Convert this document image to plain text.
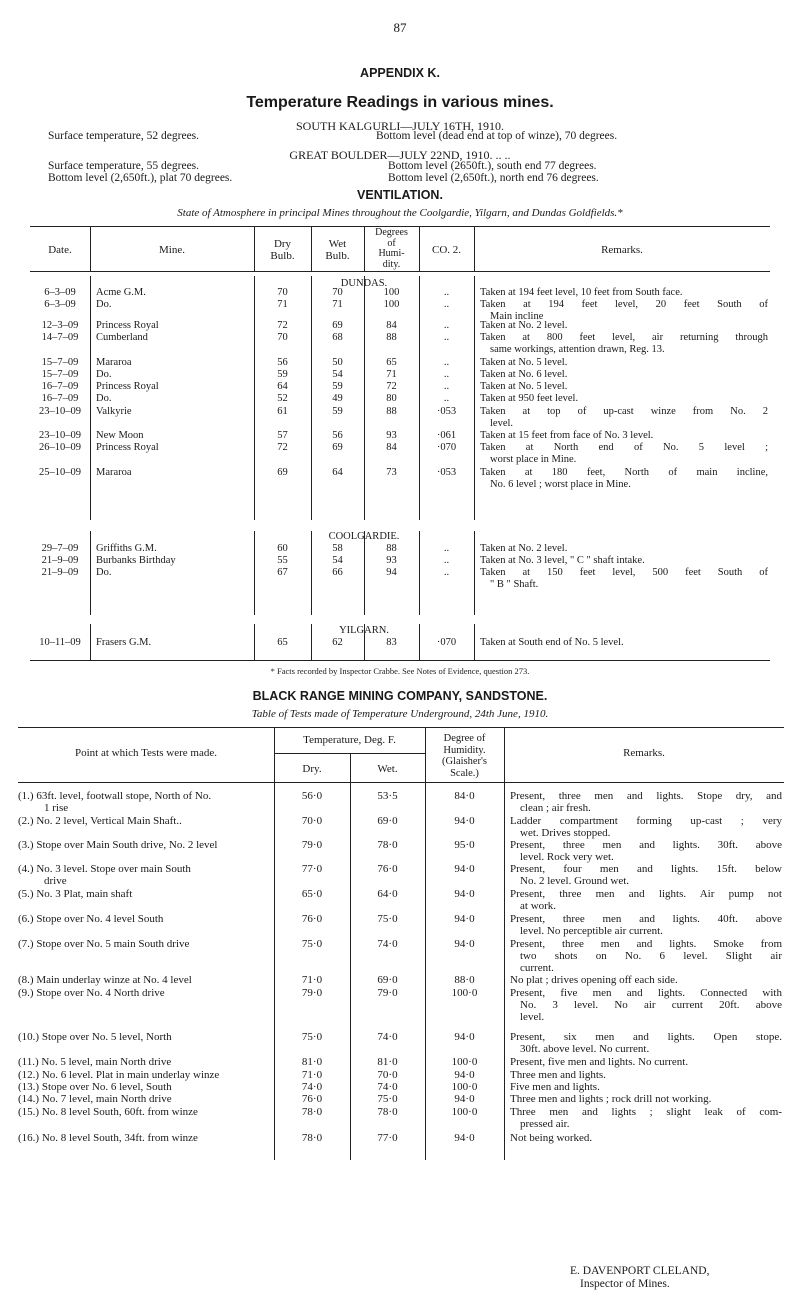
87
APPENDIX K.
Temperature Readings in various mines.
SOUTH KALGURLI—JULY 16TH, 1910.
Surface temperature, 52 degrees.	Bottom level (dead end at top of winze), 70 degrees.
GREAT BOULDER—JULY 22ND, 1910. .. ..
Surface temperature, 55 degrees.	Bottom level (2650ft.), south end 77 degrees.
Bottom level (2,650ft.), plat 70 degrees.	Bottom level (2,650ft.), north end 76 degrees.
VENTILATION.
State of Atmosphere in principal Mines throughout the Coolgardie, Yilgarn, and Dundas Goldfields.*
Date.	Mine.	Dry
Bulb.
Wet
Bulb.
Degrees
of
Humi-
dity.
CO. 2.	Remarks.
DUNDAS.
6–3–09	Acme G.M.	70	70	100	..	Taken at 194 feet level, 10 feet from South face.
6–3–09	Do.	71	71	100	..	Taken at 194 feet level, 20 feet South of
Main incline
12–3–09	Princess Royal	72	69	84	..	Taken at No. 2 level.
14–7–09	Cumberland	70	68	88	..	Taken at 800 feet level, air returning through
same workings, attention drawn, Reg. 13.
15–7–09	Mararoa	56	50	65	..	Taken at No. 5 level.
15–7–09	Do.	59	54	71	..	Taken at No. 6 level.
16–7–09	Princess Royal	64	59	72	..	Taken at No. 5 level.
16–7–09	Do.	52	49	80	..	Taken at 950 feet level.
23–10–09	Valkyrie	61	59	88	·053	Taken at top of up-cast winze from No. 2
level.
23–10–09	New Moon	57	56	93	·061	Taken at 15 feet from face of No. 3 level.
26–10–09	Princess Royal	72	69	84	·070	Taken at North end of No. 5 level ;
worst place in Mine.
25–10–09	Mararoa	69	64	73	·053	Taken at 180 feet, North of main incline,
No. 6 level ; worst place in Mine.
COOLGARDIE.
29–7–09	Griffiths G.M.	60	58	88	..	Taken at No. 2 level.
21–9–09	Burbanks Birthday	55	54	93	..	Taken at No. 3 level, " C " shaft intake.
21–9–09	Do.	67	66	94	..	Taken at 150 feet level, 500 feet South of
" B " Shaft.
YILGARN.
10–11–09	Frasers G.M.	65	62	83	·070	Taken at South end of No. 5 level.
* Facts recorded by Inspector Crabbe. See Notes of Evidence, question 273.
BLACK RANGE MINING COMPANY, SANDSTONE.
Table of Tests made of Temperature Underground, 24th June, 1910.
Point at which Tests were made.
Temperature, Deg. F.
Dry.	Wet.
Degree of
Humidity.
(Glaisher's
Scale.)
Remarks.
(1.) 63ft. level, footwall stope, North of No.
1 rise
56·0	53·5	84·0	Present, three men and lights. Stope dry, and
clean ; air fresh.
(2.) No. 2 level, Vertical Main Shaft..	70·0	69·0	94·0	Ladder compartment forming up-cast ; very
wet. Drives stopped.
(3.) Stope over Main South drive, No. 2 level	79·0	78·0	95·0	Present, three men and lights. 30ft. above
level. Rock very wet.
(4.) No. 3 level. Stope over main South
drive
77·0	76·0	94·0	Present, four men and lights. 15ft. below
No. 2 level. Ground wet.
(5.) No. 3 Plat, main shaft	65·0	64·0	94·0	Present, three men and lights. Air pump not
at work.
(6.) Stope over No. 4 level South	76·0	75·0	94·0	Present, three men and lights. 40ft. above
level. No perceptible air current.
(7.) Stope over No. 5 main South drive	75·0	74·0	94·0	Present, three men and lights. Smoke from
two shots on No. 6 level. Slight air
current.
(8.) Main underlay winze at No. 4 level	71·0	69·0	88·0	No plat ; drives opening off each side.
(9.) Stope over No. 4 North drive	79·0	79·0	100·0	Present, five men and lights. Connected with
No. 3 level. No air current 20ft. above
level.
(10.) Stope over No. 5 level, North	75·0	74·0	94·0	Present, six men and lights. Open stope.
30ft. above level. No current.
(11.) No. 5 level, main North drive	81·0	81·0	100·0	Present, five men and lights. No current.
(12.) No. 6 level. Plat in main underlay winze	71·0	70·0	94·0	Three men and lights.
(13.) Stope over No. 6 level, South	74·0	74·0	100·0	Five men and lights.
(14.) No. 7 level, main North drive	76·0	75·0	94·0	Three men and lights ; rock drill not working.
(15.) No. 8 level South, 60ft. from winze	78·0	78·0	100·0	Three men and lights ; slight leak of com-
pressed air.
(16.) No. 8 level South, 34ft. from winze	78·0	77·0	94·0	Not being worked.
E. DAVENPORT CLELAND,
Inspector of Mines.
